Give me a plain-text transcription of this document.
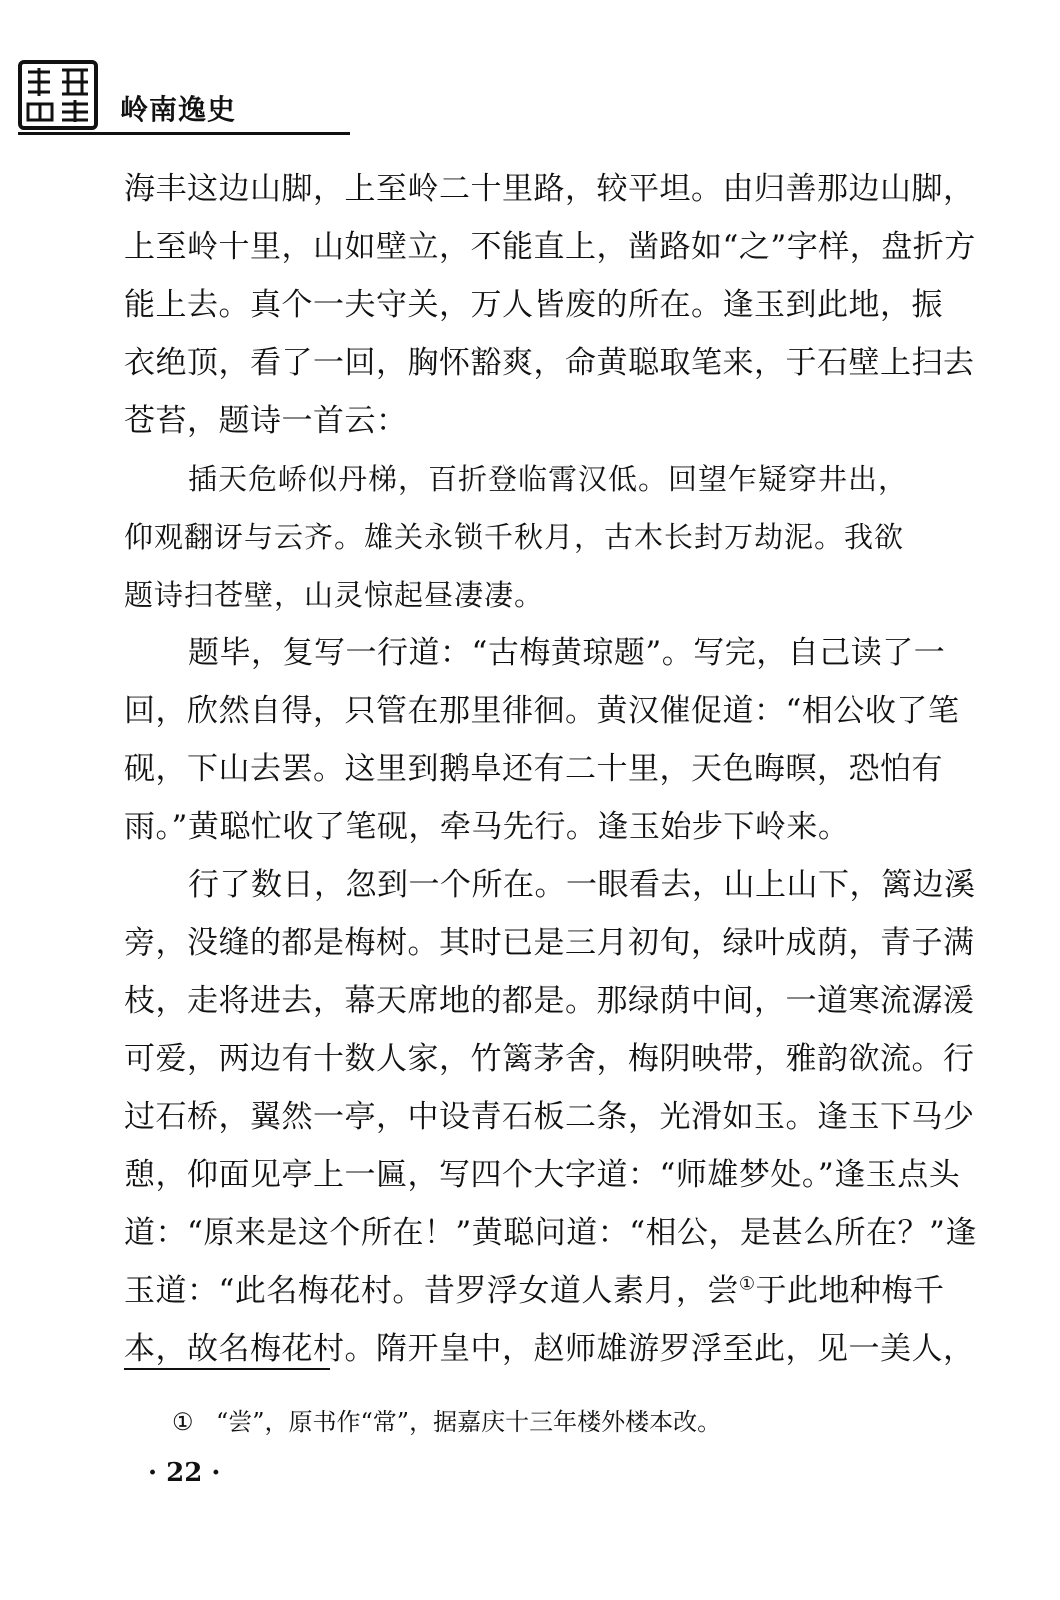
岭南逸史
海丰这边山脚，上至岭二十里路，较平坦。由归善那边山脚，
上至岭十里，山如壁立，不能直上，凿路如“之”字样，盘折方
能上去。真个一夫守关，万人皆废的所在。逢玉到此地，振
衣绝顶，看了一回，胸怀豁爽，命黄聪取笔来，于石壁上扫去
苍苔，题诗一首云：
插天危峤似丹梯，百折登临霄汉低。回望乍疑穿井出，
仰观翻讶与云齐。雄关永锁千秋月，古木长封万劫泥。我欲
题诗扫苍壁，山灵惊起昼凄凄。
题毕，复写一行道：“古梅黄琼题”。写完，自己读了一
回，欣然自得，只管在那里徘徊。黄汉催促道：“相公收了笔
砚，下山去罢。这里到鹅阜还有二十里，天色晦暝，恐怕有
雨。”黄聪忙收了笔砚，牵马先行。逢玉始步下岭来。
行了数日，忽到一个所在。一眼看去，山上山下，篱边溪
旁，没缝的都是梅树。其时已是三月初旬，绿叶成荫，青子满
枝，走将进去，幕天席地的都是。那绿荫中间，一道寒流潺湲
可爱，两边有十数人家，竹篱茅舍，梅阴映带，雅韵欲流。行
过石桥，翼然一亭，中设青石板二条，光滑如玉。逢玉下马少
憩，仰面见亭上一匾，写四个大字道：“师雄梦处。”逢玉点头
道：“原来是这个所在！”黄聪问道：“相公，是甚么所在？”逢
玉道：“此名梅花村。昔罗浮女道人素月，尝①于此地种梅千
本，故名梅花村。隋开皇中，赵师雄游罗浮至此，见一美人，
① “尝”，原书作“常”，据嘉庆十三年楼外楼本改。
· 22 ·
